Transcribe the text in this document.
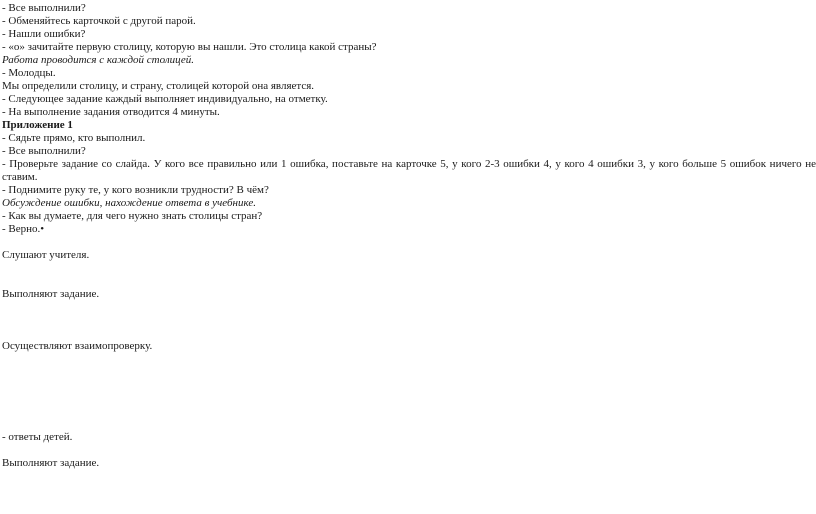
- Все выполнили?
- Обменяйтесь карточкой с другой парой.
- Нашли ошибки?
- «о» зачитайте первую столицу, которую вы нашли. Это столица какой страны?
Работа проводится с каждой столицей.
- Молодцы.
Мы определили столицу, и страну, столицей которой она является.
- Следующее задание каждый выполняет индивидуально, на отметку.
- На выполнение задания отводится 4 минуты.
Приложение 1
- Сядьте прямо, кто выполнил.
- Все выполнили?
- Проверьте задание со слайда. У кого все правильно или 1 ошибка, поставьте на карточке 5, у кого 2-3 ошибки 4, у кого 4 ошибки 3, у кого больше 5 ошибок ничего не ставим.
- Поднимите руку те, у кого возникли трудности? В чём?
Обсуждение ошибки, нахождение ответа в учебнике.
- Как вы думаете, для чего нужно знать столицы стран?
- Верно.•
Слушают учителя.
Выполняют задание.
Осуществляют взаимопроверку.
- ответы детей.
Выполняют задание.
